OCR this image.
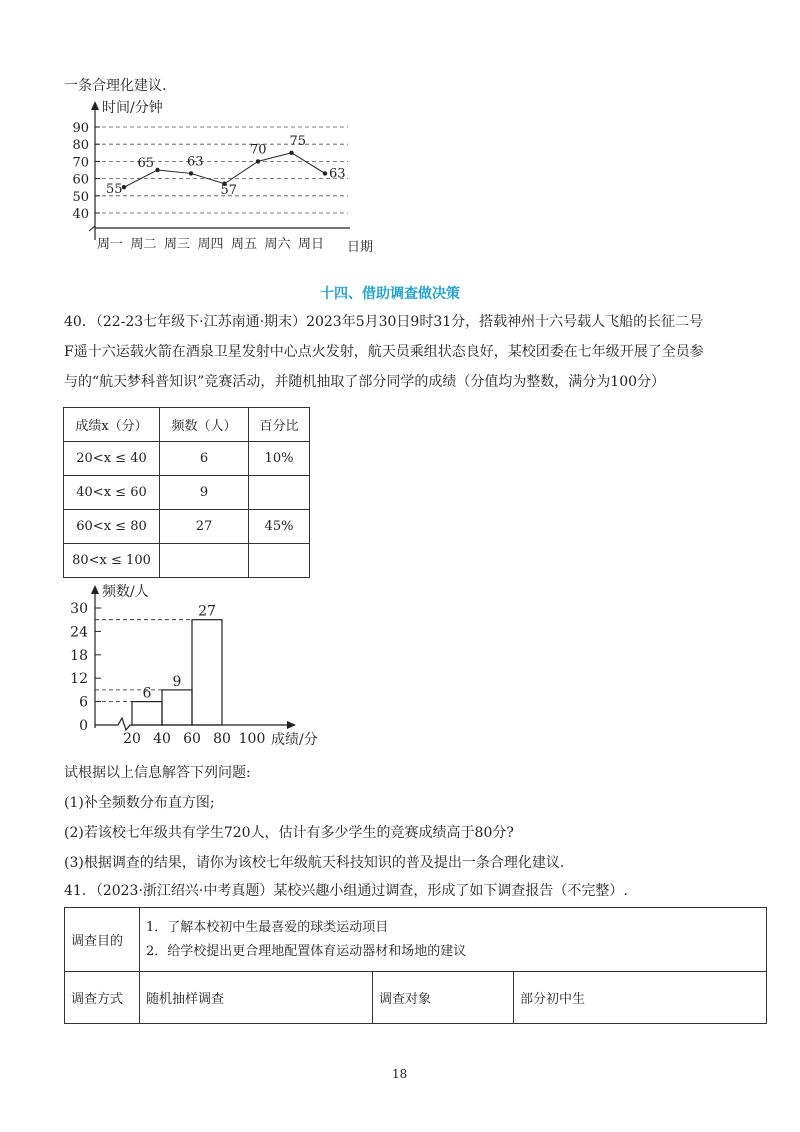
一条合理化建议.
时间/分钟
日期
40
50
60
70
80
90
周一 周二 周三 周四 周五 周六 周日
55
65	63
57
70
75
63
十四、借助调查做决策
40．（22-23七年级下·江苏南通·期末）2023年5月30日9时31分，搭载神州十六号载人飞船的长征二号
F遥十六运载火箭在酒泉卫星发射中心点火发射，航天员乘组状态良好，某校团委在七年级开展了全员参
与的“航天梦科普知识”竞赛活动，并随机抽取了部分同学的成绩（分值均为整数，满分为100分）
成绩x（分）	频数（人）	百分比
20<x ≤ 40	6	10%
40<x ≤ 60	9	
60<x ≤ 80	27	45%
80<x ≤ 100		
频数/人
成绩/分
0
6
12
18
24
30
20 40 60 80 100
6
9
27
试根据以上信息解答下列问题:
(1)补全频数分布直方图;
(2)若该校七年级共有学生720人，估计有多少学生的竞赛成绩高于80分?
(3)根据调查的结果，请你为该校七年级航天科技知识的普及提出一条合理化建议.
41．（2023·浙江绍兴·中考真题）某校兴趣小组通过调查，形成了如下调查报告（不完整）.
调查目的	1．了解本校初中生最喜爱的球类运动项目
2．给学校提出更合理地配置体育运动器材和场地的建议		

调查方式	随机抽样调查	调查对象	部分初中生
18
